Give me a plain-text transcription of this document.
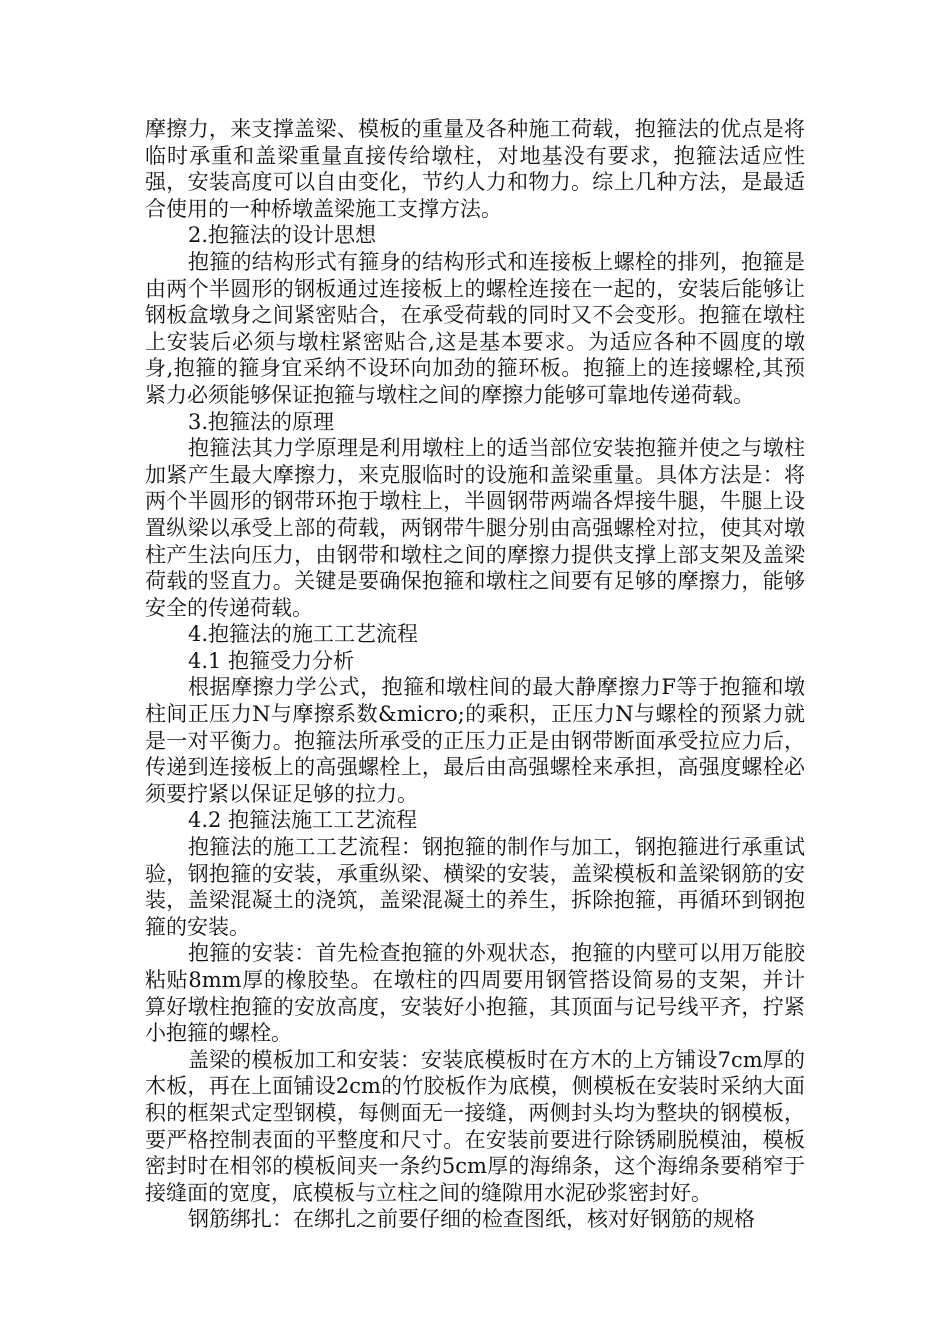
摩擦力，来支撑盖梁、模板的重量及各种施工荷载，抱箍法的优点是将临时承重和盖梁重量直接传给墩柱，对地基没有要求，抱箍法适应性强，安装高度可以自由变化，节约人力和物力。综上几种方法，是最适合使用的一种桥墩盖梁施工支撑方法。

2.抱箍法的设计思想

抱箍的结构形式有箍身的结构形式和连接板上螺栓的排列，抱箍是由两个半圆形的钢板通过连接板上的螺栓连接在一起的，安装后能够让钢板盒墩身之间紧密贴合，在承受荷载的同时又不会变形。抱箍在墩柱上安装后必须与墩柱紧密贴合,这是基本要求。为适应各种不圆度的墩身,抱箍的箍身宜采纳不设环向加劲的箍环板。抱箍上的连接螺栓,其预紧力必须能够保证抱箍与墩柱之间的摩擦力能够可靠地传递荷载。

3.抱箍法的原理

抱箍法其力学原理是利用墩柱上的适当部位安装抱箍并使之与墩柱加紧产生最大摩擦力，来克服临时的设施和盖梁重量。具体方法是：将两个半圆形的钢带环抱于墩柱上，半圆钢带两端各焊接牛腿，牛腿上设置纵梁以承受上部的荷载，两钢带牛腿分别由高强螺栓对拉，使其对墩柱产生法向压力，由钢带和墩柱之间的摩擦力提供支撑上部支架及盖梁荷载的竖直力。关键是要确保抱箍和墩柱之间要有足够的摩擦力，能够安全的传递荷载。

4.抱箍法的施工工艺流程

4.1 抱箍受力分析

根据摩擦力学公式，抱箍和墩柱间的最大静摩擦力F等于抱箍和墩柱间正压力N与摩擦系数&micro;的乘积，正压力N与螺栓的预紧力就是一对平衡力。抱箍法所承受的正压力正是由钢带断面承受拉应力后，传递到连接板上的高强螺栓上，最后由高强螺栓来承担，高强度螺栓必须要拧紧以保证足够的拉力。

4.2 抱箍法施工工艺流程

抱箍法的施工工艺流程：钢抱箍的制作与加工，钢抱箍进行承重试验，钢抱箍的安装，承重纵梁、横梁的安装，盖梁模板和盖梁钢筋的安装，盖梁混凝土的浇筑，盖梁混凝土的养生，拆除抱箍，再循环到钢抱箍的安装。

抱箍的安装：首先检查抱箍的外观状态，抱箍的内壁可以用万能胶粘贴8mm厚的橡胶垫。在墩柱的四周要用钢管搭设简易的支架，并计算好墩柱抱箍的安放高度，安装好小抱箍，其顶面与记号线平齐，拧紧小抱箍的螺栓。

盖梁的模板加工和安装：安装底模板时在方木的上方铺设7cm厚的木板，再在上面铺设2cm的竹胶板作为底模，侧模板在安装时采纳大面积的框架式定型钢模，每侧面无一接缝，两侧封头均为整块的钢模板，要严格控制表面的平整度和尺寸。在安装前要进行除锈刷脱模油，模板密封时在相邻的模板间夹一条约5cm厚的海绵条，这个海绵条要稍窄于接缝面的宽度，底模板与立柱之间的缝隙用水泥砂浆密封好。

钢筋绑扎：在绑扎之前要仔细的检查图纸，核对好钢筋的规格
